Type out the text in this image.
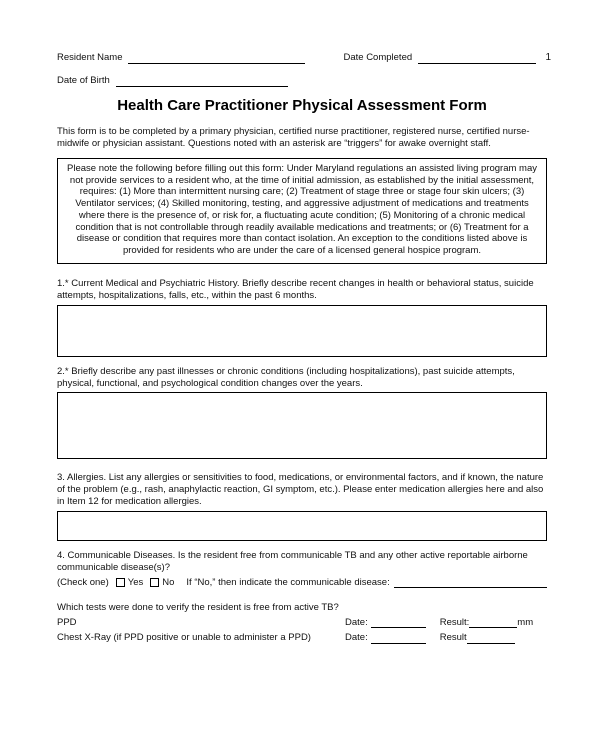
1
Resident Name	Date Completed
Date of Birth
Health Care Practitioner Physical Assessment Form

This form is to be completed by a primary physician, certified nurse practitioner, registered nurse, certified nurse-midwife or physician assistant. Questions noted with an asterisk are “triggers” for awake overnight staff.

Please note the following before filling out this form: Under Maryland regulations an assisted living program may not provide services to a resident who, at the time of initial admission, as established by the initial assessment, requires: (1) More than intermittent nursing care; (2) Treatment of stage three or stage four skin ulcers; (3) Ventilator services; (4) Skilled monitoring, testing, and aggressive adjustment of medications and treatments where there is the presence of, or risk for, a fluctuating acute condition; (5) Monitoring of a chronic medical condition that is not controllable through readily available medications and treatments; or (6) Treatment for a disease or condition that requires more than contact isolation. An exception to the conditions listed above is provided for residents who are under the care of a licensed general hospice program.

1.* Current Medical and Psychiatric History. Briefly describe recent changes in health or behavioral status, suicide attempts, hospitalizations, falls, etc., within the past 6 months.

2.* Briefly describe any past illnesses or chronic conditions (including hospitalizations), past suicide attempts, physical, functional, and psychological condition changes over the years.

3. Allergies. List any allergies or sensitivities to food, medications, or environmental factors, and if known, the nature of the problem (e.g., rash, anaphylactic reaction, GI symptom, etc.). Please enter medication allergies here and also in Item 12 for medication allergies.

4. Communicable Diseases. Is the resident free from communicable TB and any other active reportable airborne communicable disease(s)?

(Check one) Yes No If “No,” then indicate the communicable disease:

Which tests were done to verify the resident is free from active TB?

PPD	Date:	Result:	mm
Chest X-Ray (if PPD positive or unable to administer a PPD)	Date:	Result
